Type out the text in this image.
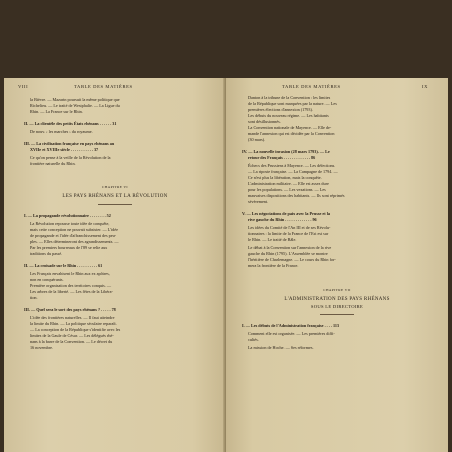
VIII	TABLE DES MATIÈRES
la Bièvre. — Mazarin poursuit la même politique que
Richelieu. — Le traité de Westphalie. — La Ligue du
Rhin. — La France sur le Rhin.
II. — La clientèle des petits États rhénans . . . . . . 31
De nouv. ‹ les marches › du royaume.
III. — La civilisation française en pays rhénans au
XVIIe et XVIIIe siècle . . . . . . . . . . . 37
Ce qu'on pense à la veille de la Révolution de la
frontière naturelle du Rhin.
CHAPITRE VI
LES PAYS RHÉNANS ET LA RÉVOLUTION
I. — La propagande révolutionnaire . . . . . . . . 52
La Révolution repousse toute idée de conquête,
mais cette conception ne pouvait subsister. — L'idée
de propagande et l'idée d'affranchissement des peu-
ples. — Elles détermineront des agrandissements. —
Par les premiers bourreaux de l'89 se relie aux
traditions du passé.
II. — La croisade sur le Rhin . . . . . . . . . . 61
Les Français envahisent le Rhin aux ex apôtres,
non en conquérants.
Première organisation des territoires conquis. —
Les arbres de la liberté. — Les fêtes de la Libéra-
tion.
III. — Quel sera le sort des pays rhénans ? . . . . . 78
L'idée des frontières naturelles. — Il faut atteindre
la limite du Rhin. — La politique séculaire reparaît.
— La conception de la République s'identifie avec les
limites de la Gaule de César. — Les délégués rhé-
nans à la barre de la Convention. — Le décret du
16 novembre.
TABLE DES MATIÈRES	IX
Danton à la tribune de la Convention : les limites
de la République sont marquées par la nature. — Les
premières élections d'annexion (1793).
Les débuts du nouveau régime. — Les habitants
sont désillusionnés.
La Convention nationale de Mayence. — Elle de-
mande l'annexion qui est décidée par la Convention
(30 mars).
IV. — La nouvelle invasion (28 mars 1793). — Le
retour des Français . . . . . . . . . . . . . 86
Échecs des Prussiens à Mayence. — Les défections.
— La riposte française. — La Campagne de 1794. —
Ce n'est plus la libération, mais la conquête.
L'administration militaire. — Elle est assez dure
pour les populations. — Les vexations. — Les
mauvaises dispositions des habitants. — Ils sont réprimés
sévèrement.
V. — Les négociations de paix avec la Prusse et la
rive gauche du Rhin . . . . . . . . . . . . . 96
Les idées du Comité de l'An III et de ses Révolu-
tionnaires : la limite de la France de l'Est est sur
le Rhin. — Le traité de Bâle.
Le débat à la Convention sur l'annexion de la rive
gauche du Rhin (1795). L'Assemblée se montre
l'héritière de Charlemagne. — Le cours du Rhin for-
mera la frontière de la France.
CHAPITRE VII
L'ADMINISTRATION DES PAYS RHÉNANS
SOUS LE DIRECTOIRE
I. — Les débuts de l'Administration française . . . . 113
Comment elle est organisée. — Les premières diffi-
cultés.
La mission de Hoche. — Ses réformes.
